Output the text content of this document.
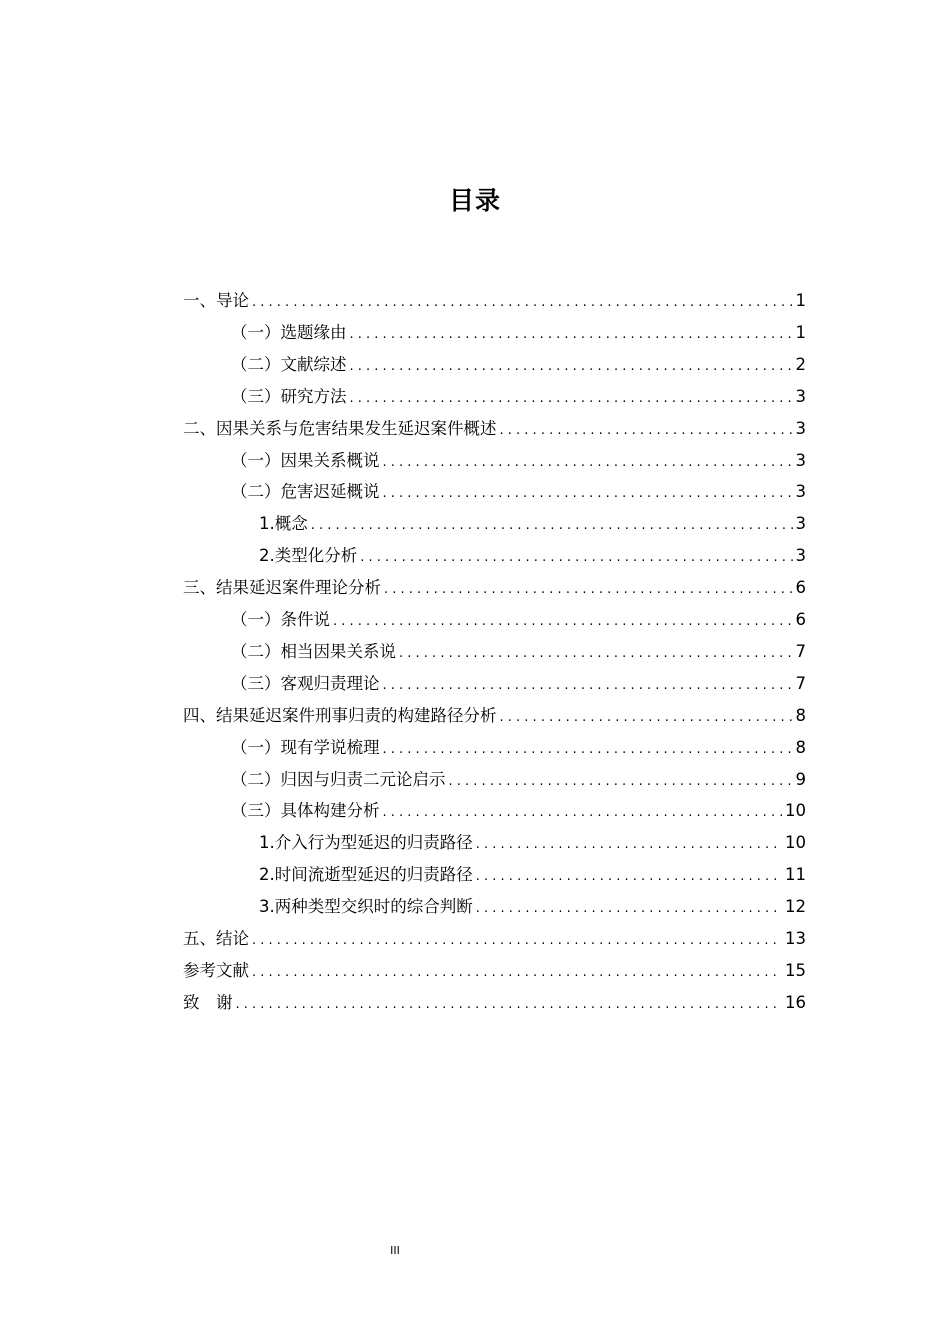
目录
一、导论 . . .	1
（一）选题缘由 . . .	1
（二）文献综述 . . .	2
（三）研究方法 . . .	3
二、因果关系与危害结果发生延迟案件概述 . . .	3
（一）因果关系概说 . . .	3
（二）危害迟延概说 . . .	3
1.概念 . . .	3
2.类型化分析 . . .	3
三、结果延迟案件理论分析 . . .	6
（一）条件说 . . .	6
（二）相当因果关系说 . . .	7
（三）客观归责理论 . . .	7
四、结果延迟案件刑事归责的构建路径分析 . . .	8
（一）现有学说梳理 . . .	8
（二）归因与归责二元论启示 . . .	9
（三）具体构建分析 . . .	10
1.介入行为型延迟的归责路径 . . .	10
2.时间流逝型延迟的归责路径 . . .	11
3.两种类型交织时的综合判断 . . .	12
五、结论 . . .	13
参考文献 . . .	15
致　谢 . . .	16
III
